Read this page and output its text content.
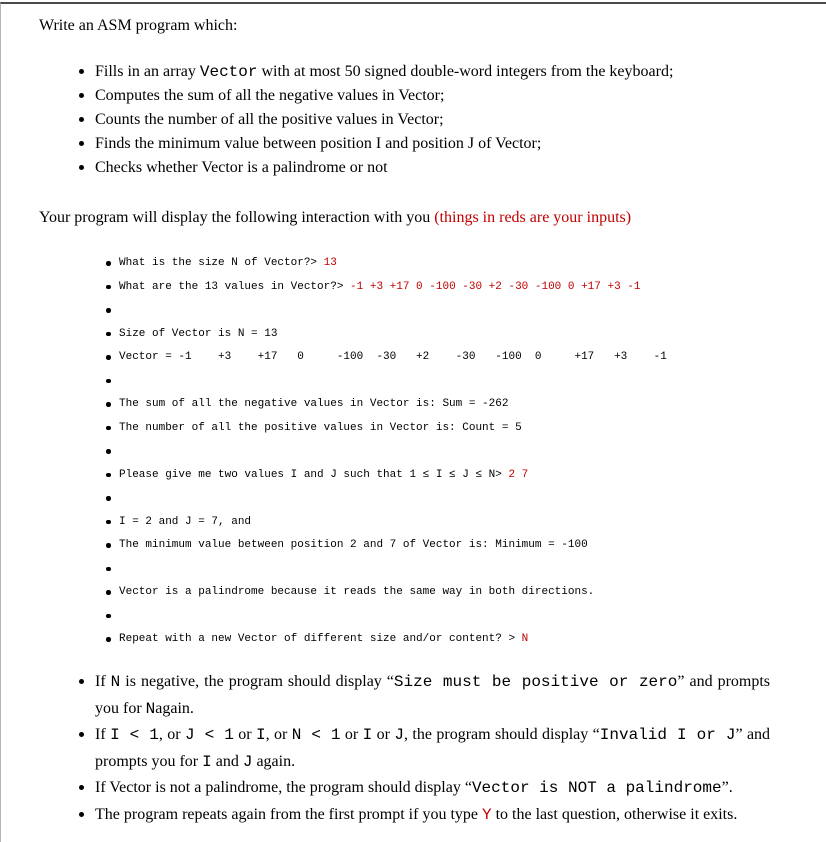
Write an ASM program which:

Fills in an array Vector with at most 50 signed double-word integers from the keyboard;
Computes the sum of all the negative values in Vector;
Counts the number of all the positive values in Vector;
Finds the minimum value between position I and position J of Vector;
Checks whether Vector is a palindrome or not

Your program will display the following interaction with you (things in reds are your inputs)

What is the size N of Vector?> 13
What are the 13 values in Vector?> -1 +3 +17 0 -100 -30 +2 -30 -100 0 +17 +3 -1
Size of Vector is N = 13
Vector = -1    +3    +17   0     -100  -30   +2    -30   -100  0     +17   +3    -1
The sum of all the negative values in Vector is: Sum = -262
The number of all the positive values in Vector is: Count = 5
Please give me two values I and J such that 1 ≤ I ≤ J ≤ N> 2 7
I = 2 and J = 7, and
The minimum value between position 2 and 7 of Vector is: Minimum = -100
Vector is a palindrome because it reads the same way in both directions.
Repeat with a new Vector of different size and/or content? > N
If N is negative, the program should display “Size must be positive or zero” and prompts you for Nagain.
If I < 1, or J < 1 or I, or N < 1 or I or J, the program should display “Invalid I or J” and prompts you for I and J again.
If Vector is not a palindrome, the program should display “Vector is NOT a palindrome”.
The program repeats again from the first prompt if you type Y to the last question, otherwise it exits.
